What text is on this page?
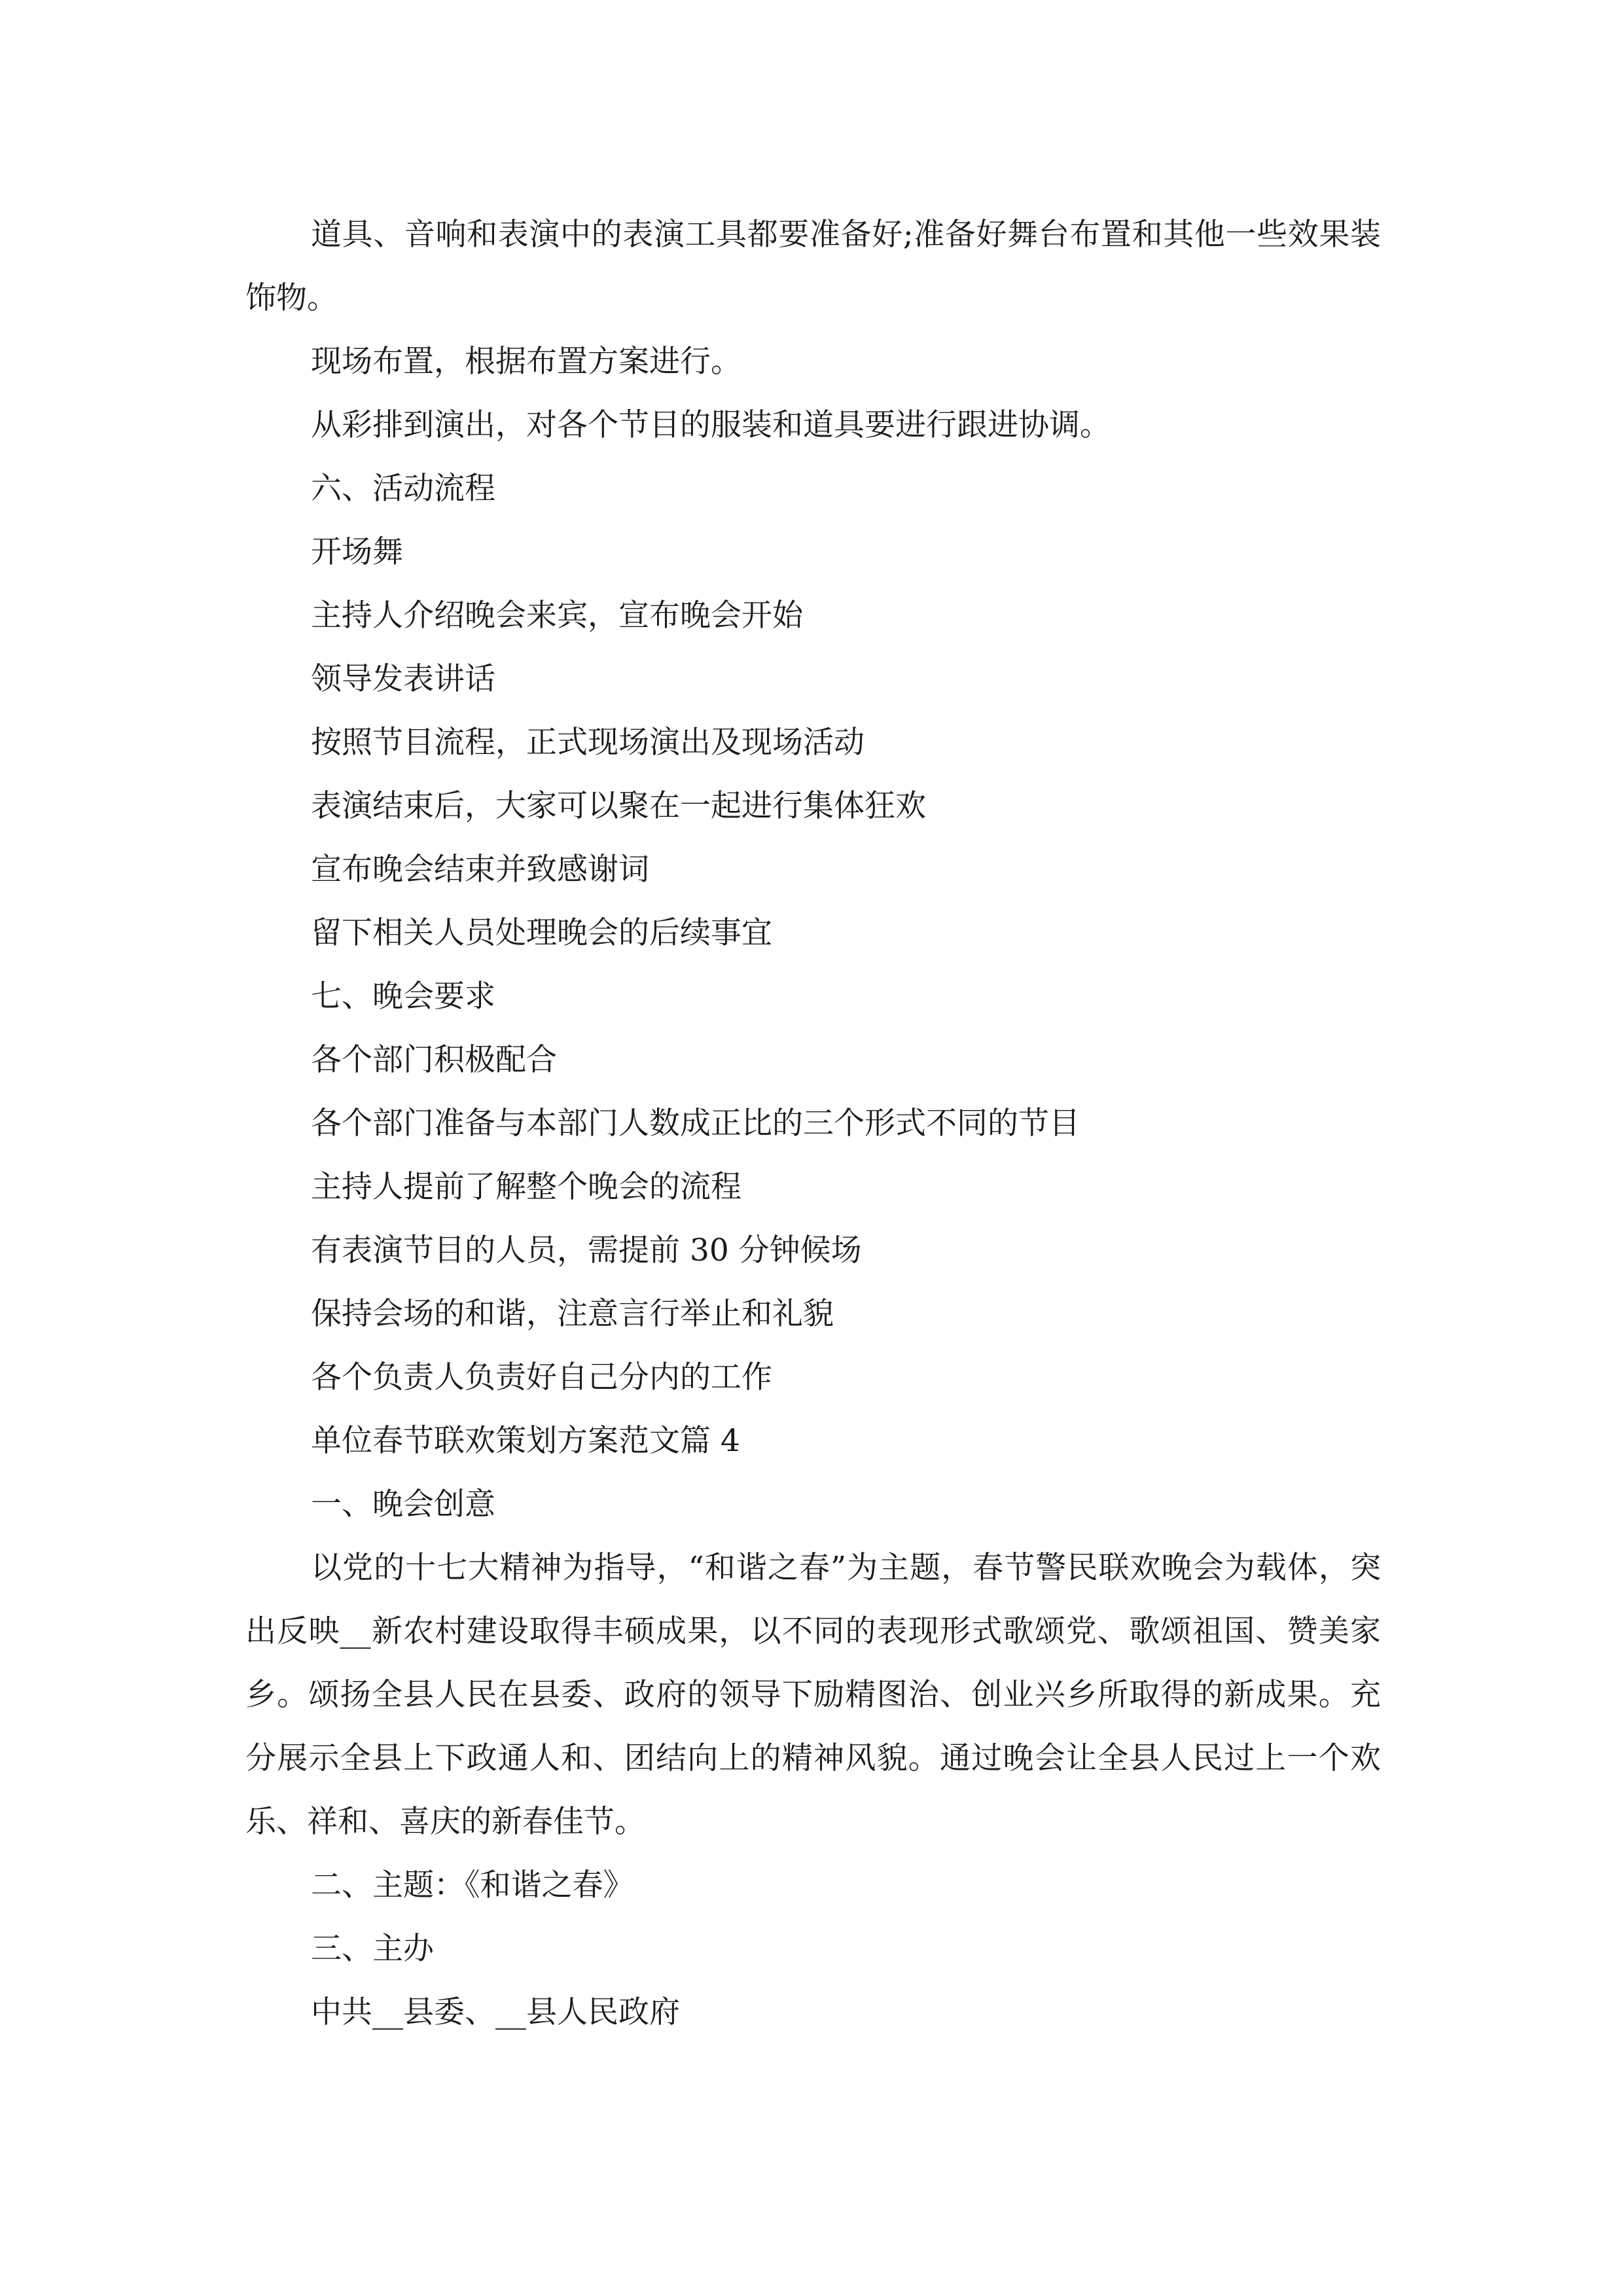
道具、音响和表演中的表演工具都要准备好;准备好舞台布置和其他一些效果装饰物。

现场布置，根据布置方案进行。

从彩排到演出，对各个节目的服装和道具要进行跟进协调。

六、活动流程

开场舞

主持人介绍晚会来宾，宣布晚会开始

领导发表讲话

按照节目流程，正式现场演出及现场活动

表演结束后，大家可以聚在一起进行集体狂欢

宣布晚会结束并致感谢词

留下相关人员处理晚会的后续事宜

七、晚会要求

各个部门积极配合

各个部门准备与本部门人数成正比的三个形式不同的节目

主持人提前了解整个晚会的流程

有表演节目的人员，需提前 30 分钟候场

保持会场的和谐，注意言行举止和礼貌

各个负责人负责好自己分内的工作

单位春节联欢策划方案范文篇 4

一、晚会创意

以党的十七大精神为指导，“和谐之春”为主题，春节警民联欢晚会为载体，突出反映__新农村建设取得丰硕成果，以不同的表现形式歌颂党、歌颂祖国、赞美家乡。颂扬全县人民在县委、政府的领导下励精图治、创业兴乡所取得的新成果。充分展示全县上下政通人和、团结向上的精神风貌。通过晚会让全县人民过上一个欢乐、祥和、喜庆的新春佳节。

二、主题：《和谐之春》

三、主办

中共__县委、__县人民政府
